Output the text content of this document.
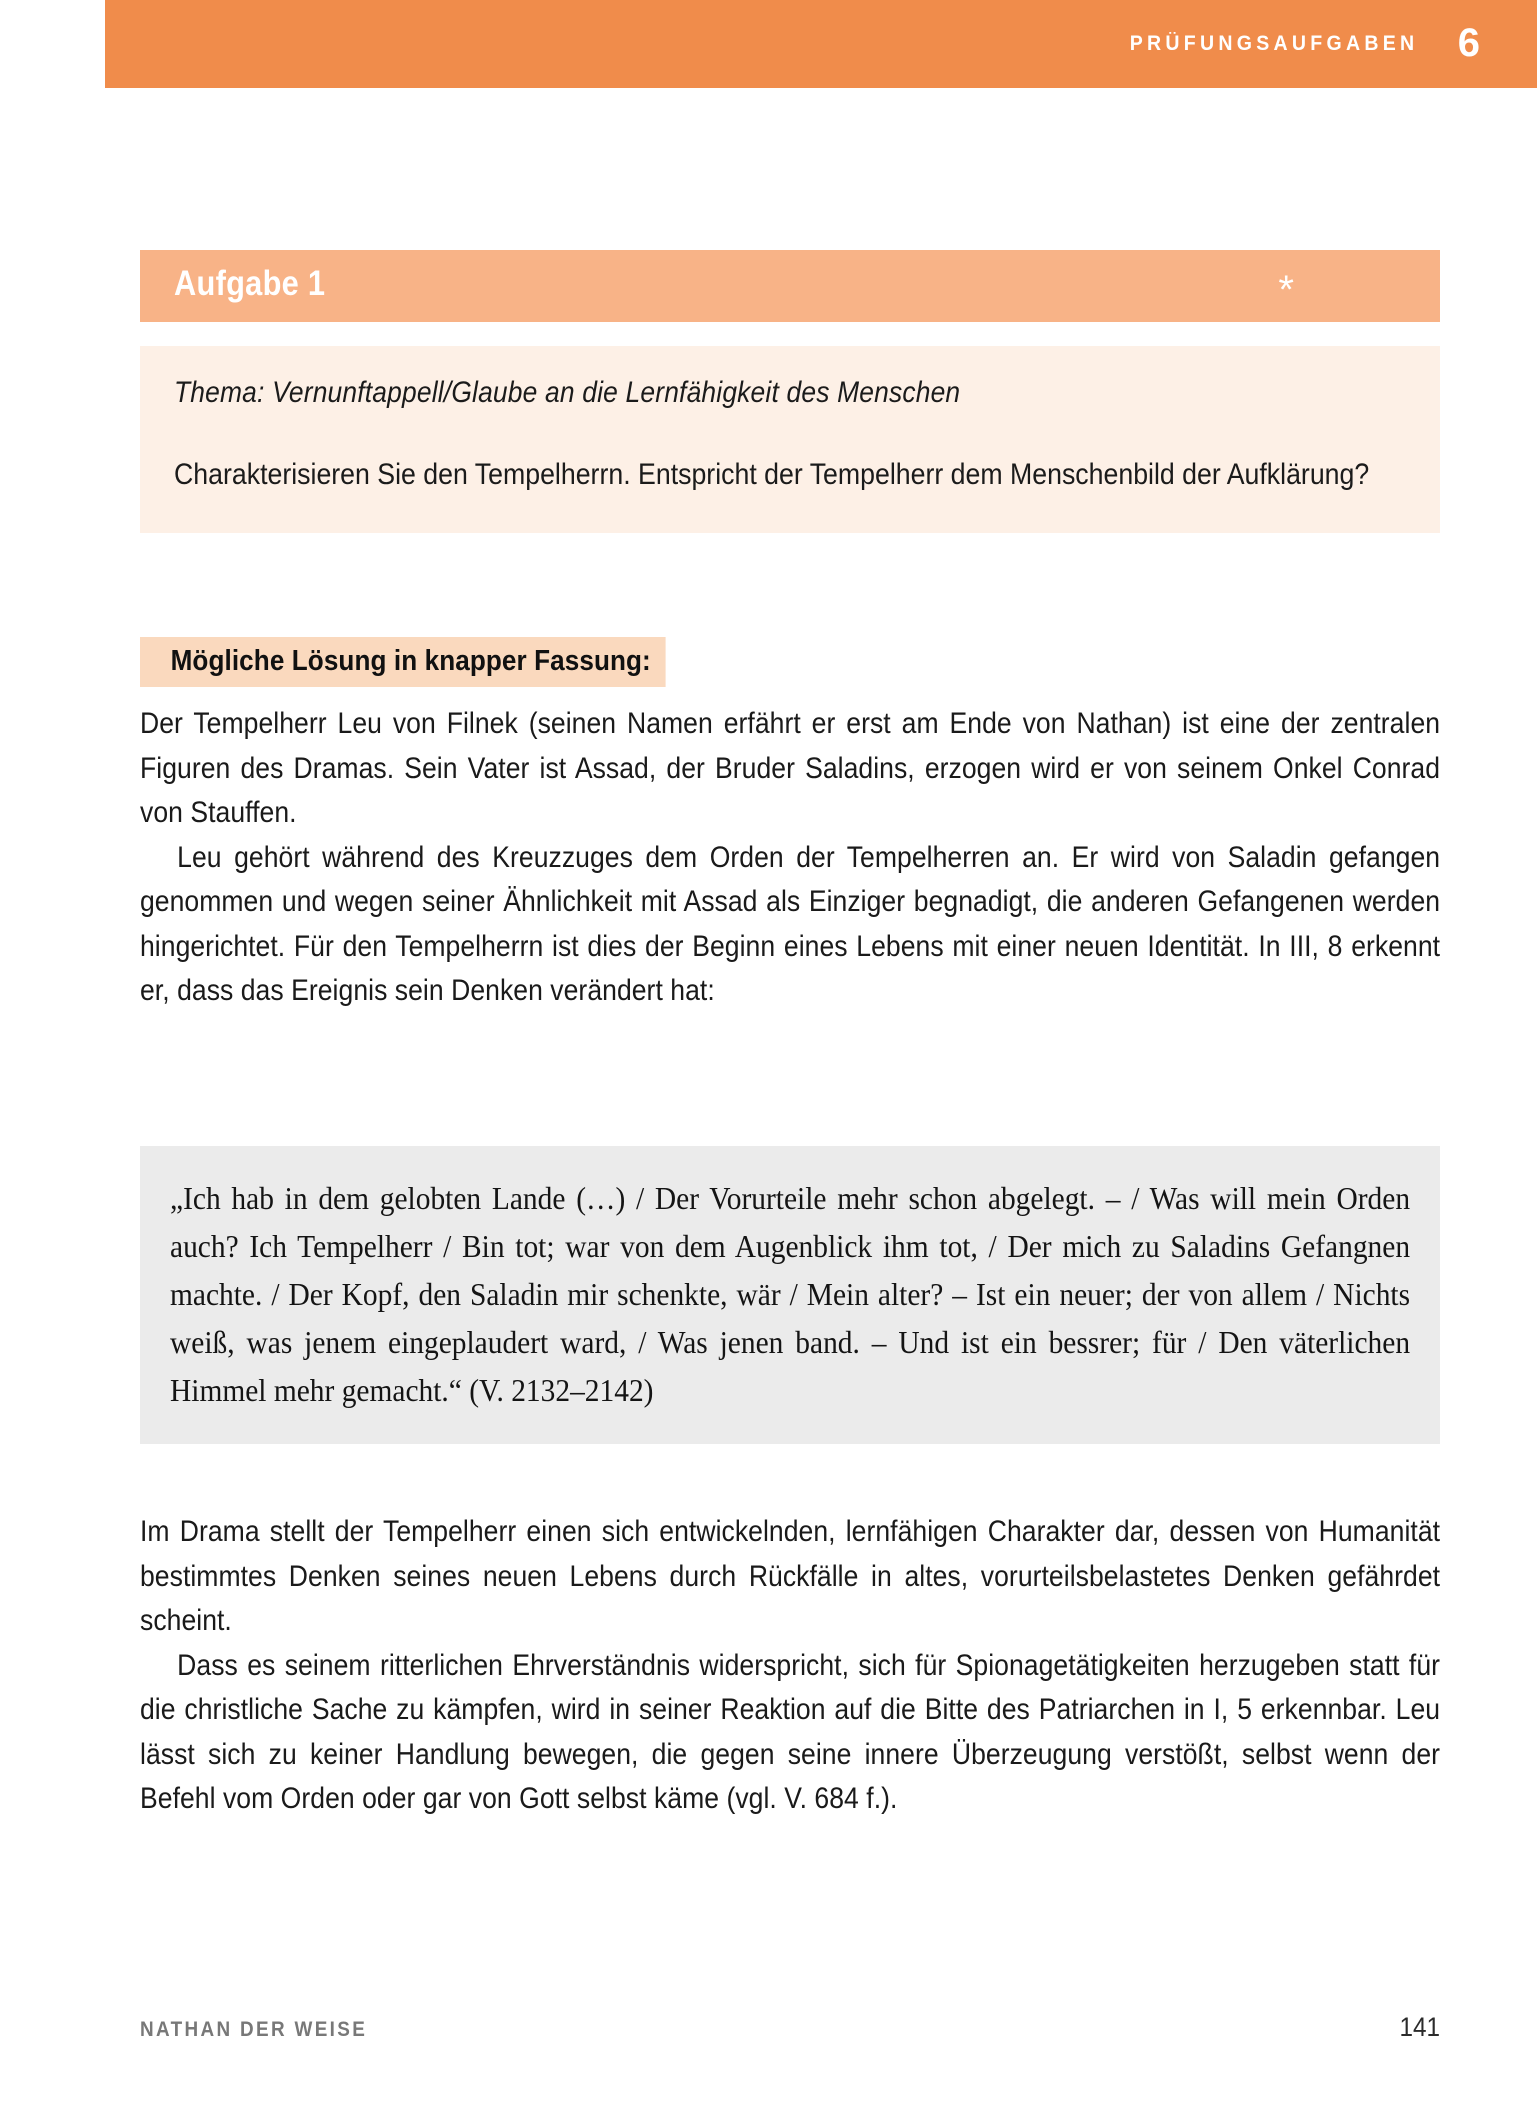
PRÜFUNGSAUFGABEN 6
Aufgabe 1	*
Thema: Vernunftappell/Glaube an die Lernfähigkeit des Menschen
Charakterisieren Sie den Tempelherrn. Entspricht der Tempelherr dem Menschenbild der Aufklärung?
Mögliche Lösung in knapper Fassung:

Der Tempelherr Leu von Filnek (seinen Namen erfährt er erst am Ende von Nathan) ist eine der zentralen Figuren des Dramas. Sein Vater ist Assad, der Bruder Saladins, erzogen wird er von seinem Onkel Conrad von Stauffen.

Leu gehört während des Kreuzzuges dem Orden der Tempelherren an. Er wird von Saladin gefangen genommen und wegen seiner Ähnlichkeit mit Assad als Einziger begnadigt, die anderen Gefangenen werden hingerichtet. Für den Tempelherrn ist dies der Beginn eines Lebens mit einer neuen Identität. In III, 8 erkennt er, dass das Ereignis sein Denken verändert hat:

„Ich hab in dem gelobten Lande (…) / Der Vorurteile mehr schon abgelegt. – / Was will mein Orden auch? Ich Tempelherr / Bin tot; war von dem Augenblick ihm tot, / Der mich zu Saladins Gefangnen machte. / Der Kopf, den Saladin mir schenkte, wär / Mein alter? – Ist ein neuer; der von allem / Nichts weiß, was jenem eingeplaudert ward, / Was jenen band. – Und ist ein bessrer; für / Den väterlichen Himmel mehr gemacht.“ (V. 2132–2142)

Im Drama stellt der Tempelherr einen sich entwickelnden, lernfähigen Charakter dar, dessen von Humanität bestimmtes Denken seines neuen Lebens durch Rückfälle in altes, vorurteilsbelastetes Denken gefährdet scheint.

Dass es seinem ritterlichen Ehrverständnis widerspricht, sich für Spionagetätigkeiten herzugeben statt für die christliche Sache zu kämpfen, wird in seiner Reaktion auf die Bitte des Patriarchen in I, 5 erkennbar. Leu lässt sich zu keiner Handlung bewegen, die gegen seine innere Überzeugung verstößt, selbst wenn der Befehl vom Orden oder gar von Gott selbst käme (vgl. V. 684 f.).

NATHAN DER WEISE	141
